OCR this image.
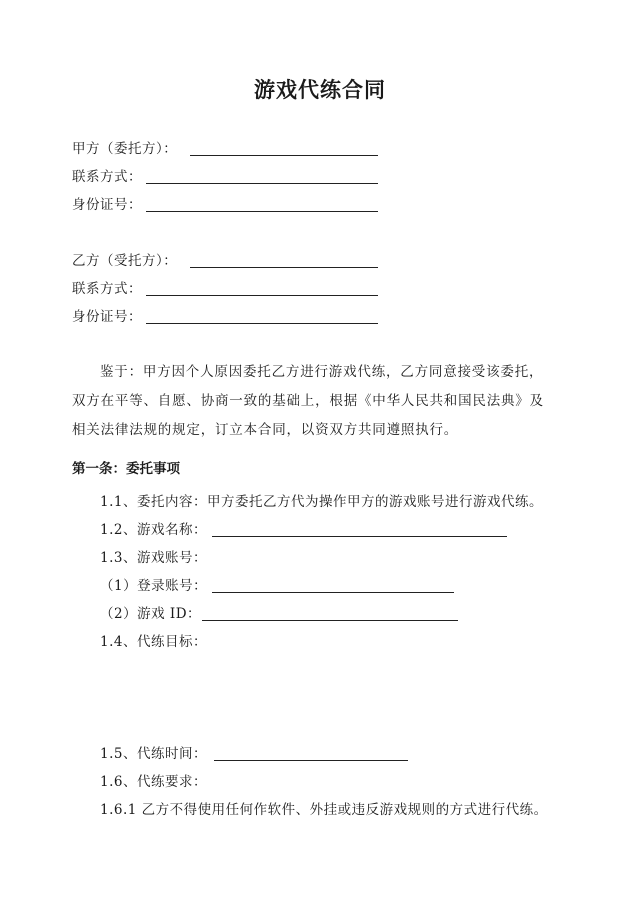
游戏代练合同
甲方（委托方）：
联系方式：
身份证号：
乙方（受托方）：
联系方式：
身份证号：
鉴于：甲方因个人原因委托乙方进行游戏代练，乙方同意接受该委托，
双方在平等、自愿、协商一致的基础上，根据《中华人民共和国民法典》及
相关法律法规的规定，订立本合同，以资双方共同遵照执行。
第一条：委托事项
1.1、委托内容：甲方委托乙方代为操作甲方的游戏账号进行游戏代练。
1.2、游戏名称：
1.3、游戏账号：
（1）登录账号：
（2）游戏 ID：
1.4、代练目标：
1.5、代练时间：
1.6、代练要求：
1.6.1 乙方不得使用任何作软件、外挂或违反游戏规则的方式进行代练。
